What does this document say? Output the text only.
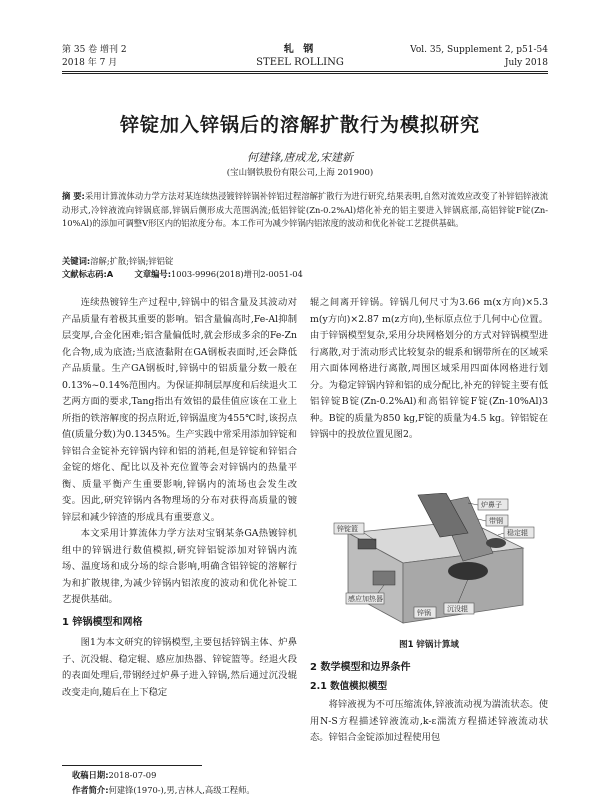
第 35 卷 增刊 2
2018 年 7 月
轧 钢
STEEL ROLLING
Vol. 35, Supplement 2, p51-54
July 2018
锌锭加入锌锅后的溶解扩散行为模拟研究
何建锋,唐成龙,宋建新
(宝山钢铁股份有限公司,上海 201900)
摘 要:采用计算流体动力学方法对某连续热浸镀锌锌锅补锌铝过程溶解扩散行为进行研究,结果表明,自然对流效应改变了补锌铝锌液流动形式,冷锌液流向锌锅底部,锌锅后侧形成大范围涡流;低铝锌锭(Zn-0.2%Al)熔化补充的铝主要进入锌锅底部,高铝锌锭F锭(Zn-10%Al)的添加可调整V形区内的铝浓度分布。本工作可为减少锌锅内铝浓度的波动和优化补锭工艺提供基础。
关键词:溶解;扩散;锌锅;锌铝锭
文献标志码:A	文章编号:1003-9996(2018)增刊2-0051-04

连续热镀锌生产过程中,锌锅中的铝含量及其波动对产品质量有着极其重要的影响。铝含量偏高时,Fe-Al抑制层变厚,合金化困难;铝含量偏低时,就会形成多余的Fe-Zn化合物,成为底渣;当底渣黏附在GA钢板表面时,还会降低产品质量。生产GA钢板时,锌锅中的铝质量分数一般在0.13%~0.14%范围内。为保证抑制层厚度和后续退火工艺两方面的要求,Tang指出有效铝的最佳值应该在工业上所指的铁溶解度的拐点附近,锌锅温度为455℃时,该拐点值(质量分数)为0.1345%。生产实践中常采用添加锌锭和锌铝合金锭补充锌锅内锌和铝的消耗,但是锌锭和锌铝合金锭的熔化、配比以及补充位置等会对锌锅内的热量平衡、质量平衡产生重要影响,锌锅内的流场也会发生改变。因此,研究锌锅内各物理场的分布对获得高质量的镀锌层和减少锌渣的形成具有重要意义。

本文采用计算流体力学方法对宝钢某条GA热镀锌机组中的锌锅进行数值模拟,研究锌铝锭添加对锌锅内流场、温度场和成分场的综合影响,明确含铝锌锭的溶解行为和扩散规律,为减少锌锅内铝浓度的波动和优化补锭工艺提供基础。

1 锌锅模型和网格

图1为本文研究的锌锅模型,主要包括锌锅主体、炉鼻子、沉没辊、稳定辊、感应加热器、锌锭篮等。经退火段的表面处理后,带钢经过炉鼻子进入锌锅,然后通过沉没辊改变走向,随后在上下稳定

辊之间离开锌锅。锌锅几何尺寸为3.66 m(x方向)×5.3 m(y方向)×2.87 m(z方向),坐标原点位于几何中心位置。由于锌锅模型复杂,采用分块网格划分的方式对锌锅模型进行离散,对于流动形式比较复杂的辊系和钢带所在的区域采用六面体网格进行离散,周围区域采用四面体网格进行划分。为稳定锌锅内锌和铝的成分配比,补充的锌锭主要有低铝锌锭B锭(Zn-0.2%Al)和高铝锌锭F锭(Zn-10%Al)3种。B锭的质量为850 kg,F锭的质量为4.5 kg。锌铝锭在锌锅中的投放位置见图2。

炉鼻子
带钢
稳定辊
锌锭篮
感应加热器
锌锅 沉没辊
图1 锌锅计算域
2 数学模型和边界条件
2.1 数值模拟模型

将锌液视为不可压缩流体,锌液流动视为湍流状态。使用N-S方程描述锌液流动,k-ε湍流方程描述锌液流动状态。锌铝合金锭添加过程使用包

收稿日期:2018-07-09
作者简介:何建锋(1970-),男,吉林人,高级工程师。
